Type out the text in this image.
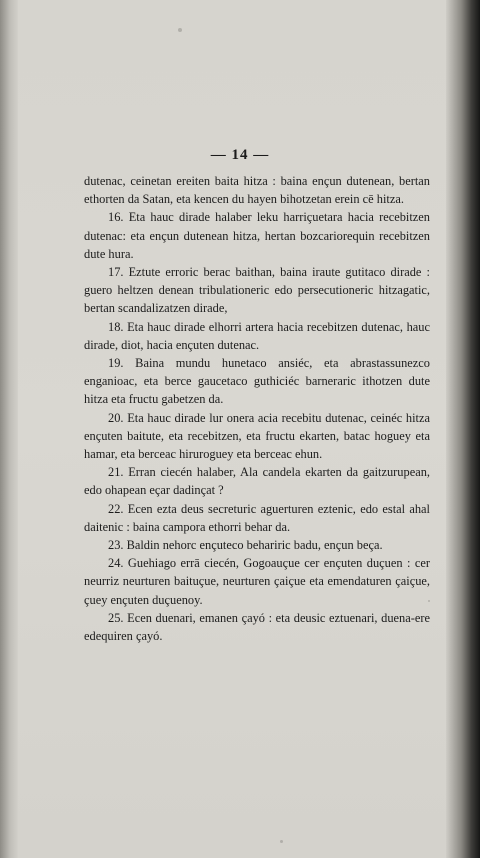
— 14 —

dutenac, ceinetan ereiten baita hitza : baina ençun dutenean, bertan ethorten da Satan, eta kencen du hayen bihotzetan erein cē hitza.

16. Eta hauc dirade halaber leku harriçuetara hacia recebitzen dutenac: eta ençun dutenean hitza, hertan bozcariorequin recebitzen dute hura.

17. Eztute erroric berac baithan, baina iraute gutitaco dirade : guero heltzen denean tribulationeric edo persecutioneric hitzagatic, bertan scandalizatzen dirade,

18. Eta hauc dirade elhorri artera hacia recebitzen dutenac, hauc dirade, diot, hacia ençuten dutenac.

19. Baina mundu hunetaco ansiéc, eta abrastassunezco enganioac, eta berce gaucetaco guthiciéc barneraric ithotzen dute hitza eta fructu gabetzen da.

20. Eta hauc dirade lur onera acia recebitu dutenac, ceinéc hitza ençuten baitute, eta recebitzen, eta fructu ekarten, batac hoguey eta hamar, eta berceac hiruroguey eta berceac ehun.

21. Erran ciecén halaber, Ala candela ekarten da gaitzurupean, edo ohapean eçar dadinçat ?

22. Ecen ezta deus secreturic aguerturen eztenic, edo estal ahal daitenic : baina campora ethorri behar da.

23. Baldin nehorc ençuteco behariric badu, ençun beça.

24. Guehiago errā ciecén, Gogoauçue cer ençuten duçuen : cer neurriz neurturen baituçue, neurturen çaiçue eta emendaturen çaiçue, çuey ençuten duçuenoy.

25. Ecen duenari, emanen çayó : eta deusic eztuenari, duena-ere edequiren çayó.
